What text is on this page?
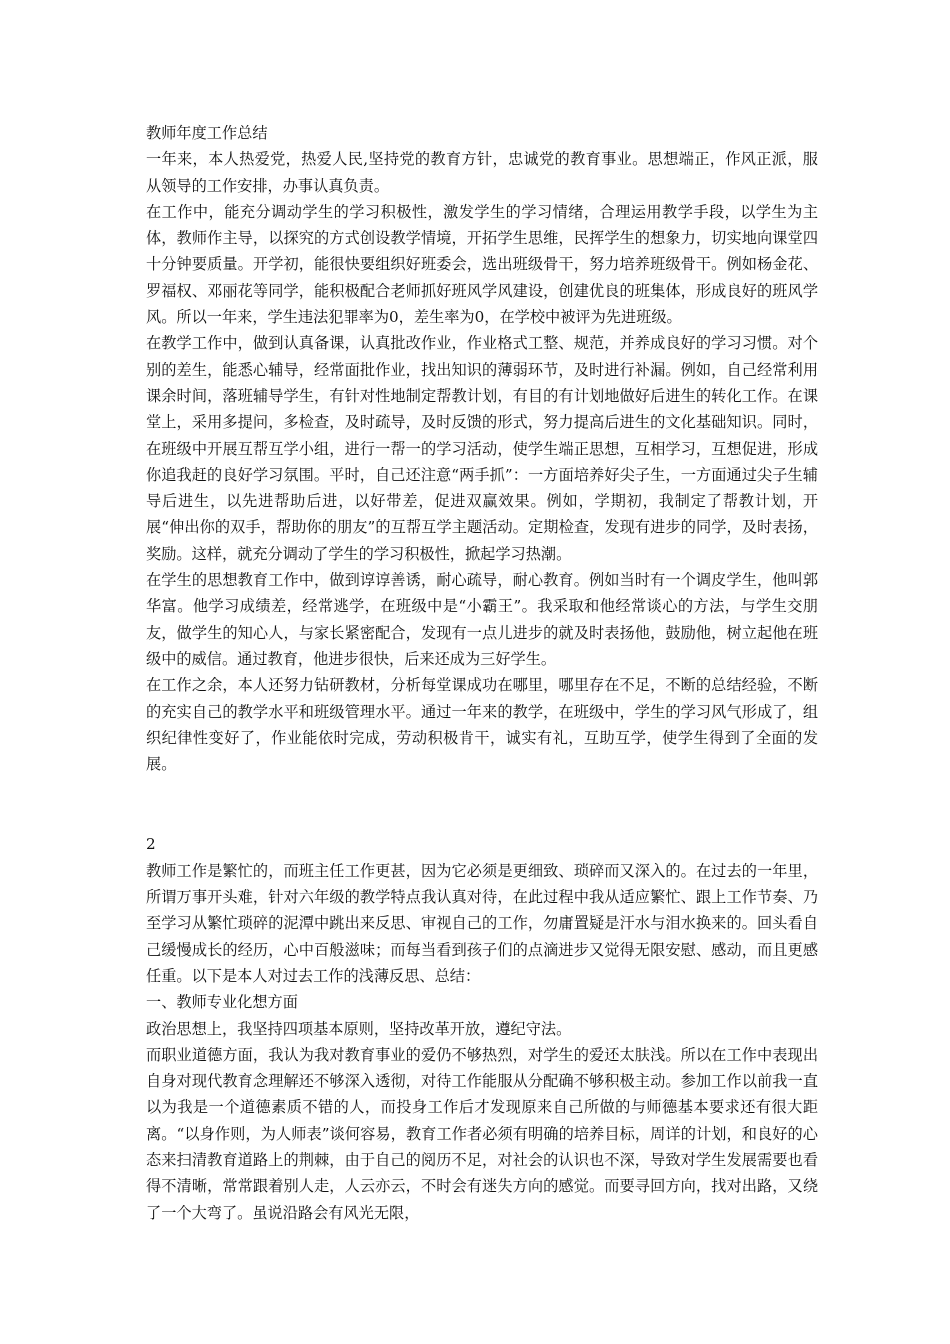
教师年度工作总结

一年来，本人热爱党，热爱人民,坚持党的教育方针，忠诚党的教育事业。思想端正，作风正派，服从领导的工作安排，办事认真负责。

在工作中，能充分调动学生的学习积极性，激发学生的学习情绪，合理运用教学手段，以学生为主体，教师作主导，以探究的方式创设教学情境，开拓学生思维，民挥学生的想象力，切实地向课堂四十分钟要质量。开学初，能很快要组织好班委会，选出班级骨干，努力培养班级骨干。例如杨金花、罗福权、邓丽花等同学，能积极配合老师抓好班风学风建设，创建优良的班集体，形成良好的班风学风。所以一年来，学生违法犯罪率为0，差生率为0，在学校中被评为先进班级。

在教学工作中，做到认真备课，认真批改作业，作业格式工整、规范，并养成良好的学习习惯。对个别的差生，能悉心辅导，经常面批作业，找出知识的薄弱环节，及时进行补漏。例如，自己经常利用课余时间，落班辅导学生，有针对性地制定帮教计划，有目的有计划地做好后进生的转化工作。在课堂上，采用多提问，多检查，及时疏导，及时反馈的形式，努力提高后进生的文化基础知识。同时，在班级中开展互帮互学小组，进行一帮一的学习活动，使学生端正思想，互相学习，互想促进，形成你追我赶的良好学习氛围。平时，自己还注意“两手抓”：一方面培养好尖子生，一方面通过尖子生辅导后进生，以先进帮助后进，以好带差，促进双赢效果。例如，学期初，我制定了帮教计划，开展“伸出你的双手，帮助你的朋友”的互帮互学主题活动。定期检查，发现有进步的同学，及时表扬，奖励。这样，就充分调动了学生的学习积极性，掀起学习热潮。

在学生的思想教育工作中，做到谆谆善诱，耐心疏导，耐心教育。例如当时有一个调皮学生，他叫郭华富。他学习成绩差，经常逃学，在班级中是“小霸王”。我采取和他经常谈心的方法，与学生交朋友，做学生的知心人，与家长紧密配合，发现有一点儿进步的就及时表扬他，鼓励他，树立起他在班级中的威信。通过教育，他进步很快，后来还成为三好学生。

在工作之余，本人还努力钻研教材，分析每堂课成功在哪里，哪里存在不足，不断的总结经验，不断的充实自己的教学水平和班级管理水平。通过一年来的教学，在班级中，学生的学习风气形成了，组织纪律性变好了，作业能依时完成，劳动积极肯干，诚实有礼，互助互学，使学生得到了全面的发展。

2

教师工作是繁忙的，而班主任工作更甚，因为它必须是更细致、琐碎而又深入的。在过去的一年里，所谓万事开头难，针对六年级的教学特点我认真对待，在此过程中我从适应繁忙、跟上工作节奏、乃至学习从繁忙琐碎的泥潭中跳出来反思、审视自己的工作，勿庸置疑是汗水与泪水换来的。回头看自己缓慢成长的经历，心中百般滋味；而每当看到孩子们的点滴进步又觉得无限安慰、感动，而且更感任重。以下是本人对过去工作的浅薄反思、总结：

一、教师专业化想方面

政治思想上，我坚持四项基本原则，坚持改革开放，遵纪守法。

而职业道德方面，我认为我对教育事业的爱仍不够热烈，对学生的爱还太肤浅。所以在工作中表现出自身对现代教育念理解还不够深入透彻，对待工作能服从分配确不够积极主动。参加工作以前我一直以为我是一个道德素质不错的人，而投身工作后才发现原来自己所做的与师德基本要求还有很大距离。“以身作则，为人师表”谈何容易，教育工作者必须有明确的培养目标，周详的计划，和良好的心态来扫清教育道路上的荆棘，由于自己的阅历不足，对社会的认识也不深，导致对学生发展需要也看得不清晰，常常跟着别人走，人云亦云，不时会有迷失方向的感觉。而要寻回方向，找对出路，又绕了一个大弯了。虽说沿路会有风光无限，
